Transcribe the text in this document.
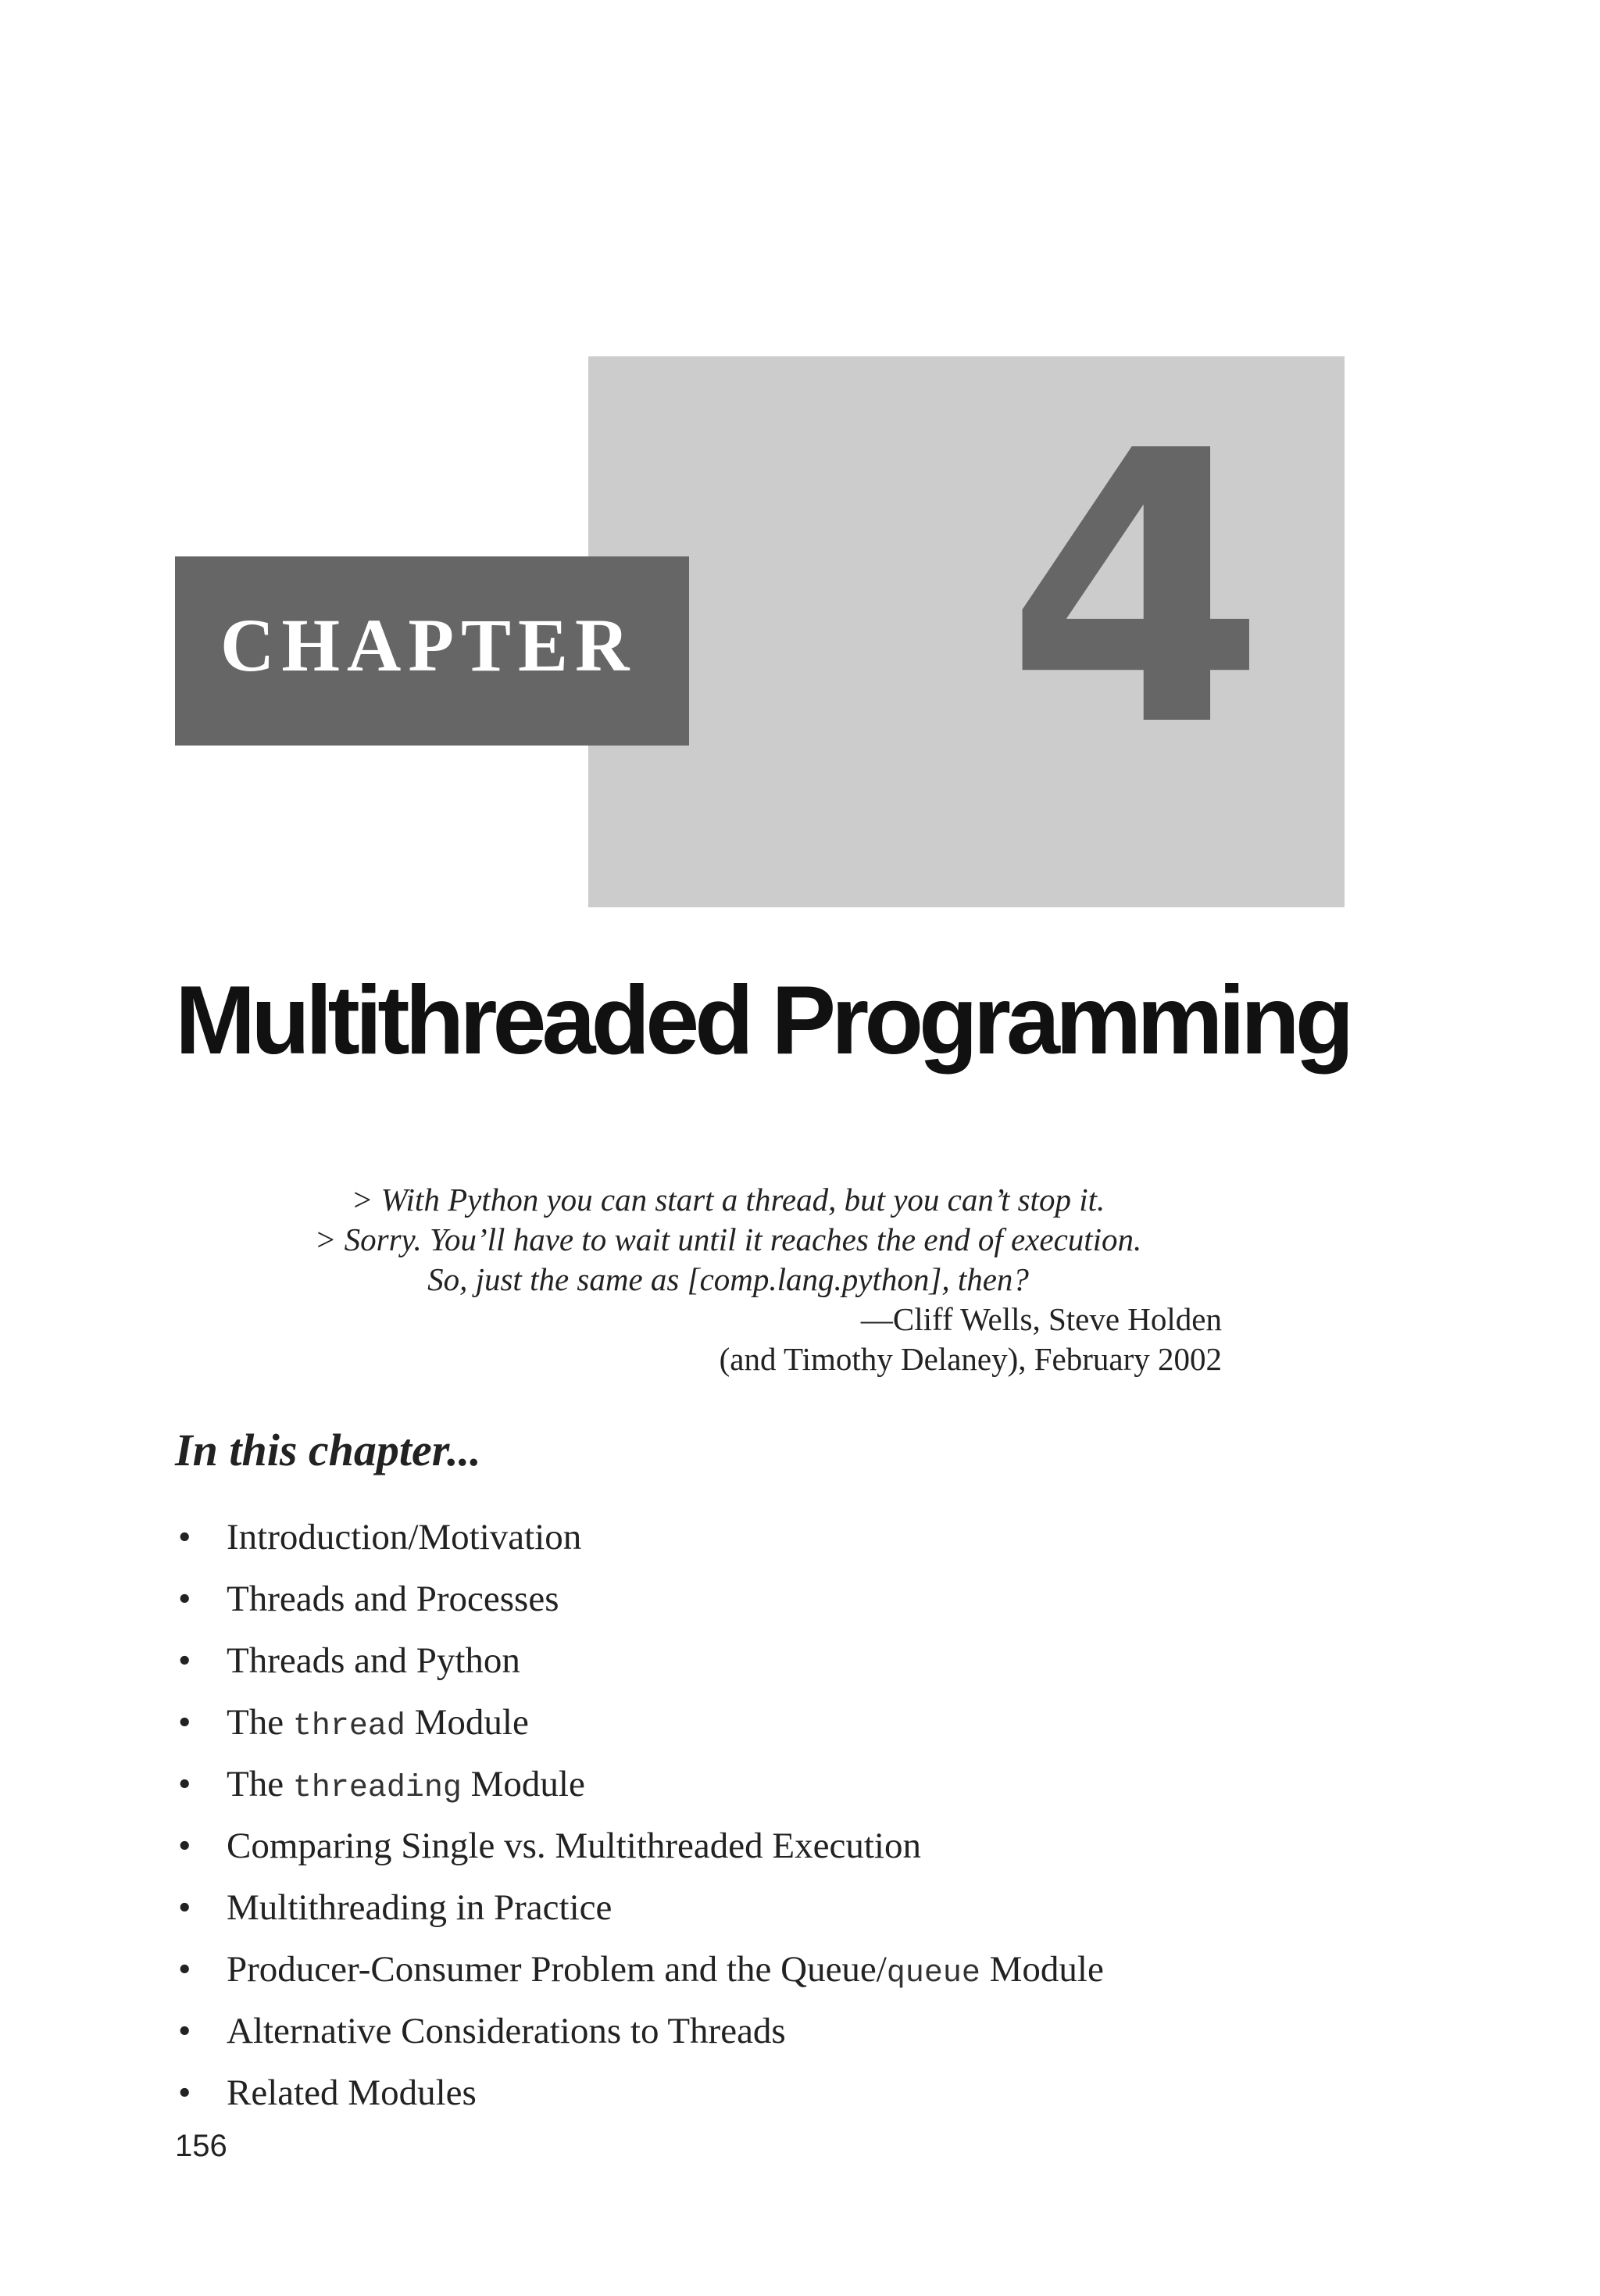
4
CHAPTER
Multithreaded Programming
> With Python you can start a thread, but you can’t stop it.
> Sorry. You’ll have to wait until it reaches the end of execution.
So, just the same as [comp.lang.python], then?
—Cliff Wells, Steve Holden
(and Timothy Delaney), February 2002
In this chapter...
• Introduction/Motivation
• Threads and Processes
• Threads and Python
• The thread Module
• The threading Module
• Comparing Single vs. Multithreaded Execution
• Multithreading in Practice
• Producer-Consumer Problem and the Queue/queue Module
• Alternative Considerations to Threads
• Related Modules
156
